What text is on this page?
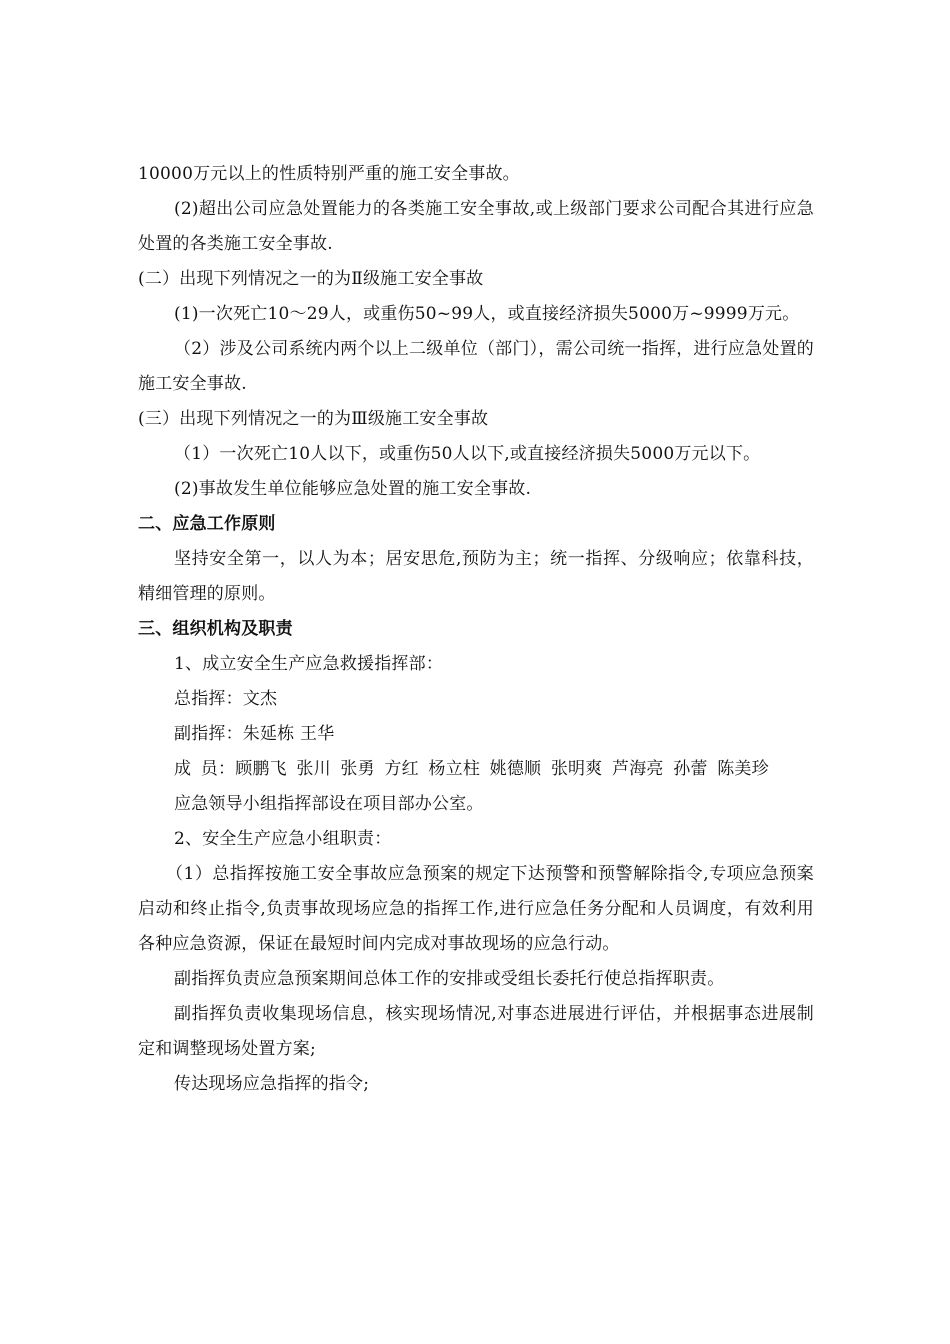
10000万元以上的性质特别严重的施工安全事故。

(2)超出公司应急处置能力的各类施工安全事故,或上级部门要求公司配合其进行应急处置的各类施工安全事故.

(二）出现下列情况之一的为Ⅱ级施工安全事故

(1)一次死亡10～29人，或重伤50~99人，或直接经济损失5000万~9999万元。

（2）涉及公司系统内两个以上二级单位（部门），需公司统一指挥，进行应急处置的施工安全事故.

(三）出现下列情况之一的为Ⅲ级施工安全事故

（1）一次死亡10人以下，或重伤50人以下,或直接经济损失5000万元以下。

(2)事故发生单位能够应急处置的施工安全事故.

二、应急工作原则

坚持安全第一，以人为本；居安思危,预防为主；统一指挥、分级响应；依靠科技，精细管理的原则。

三、组织机构及职责

1、成立安全生产应急救援指挥部：

总指挥：文杰

副指挥：朱延栋 王华

成 员：顾鹏飞 张川 张勇 方红 杨立柱 姚德顺 张明爽 芦海亮 孙蕾 陈美珍

应急领导小组指挥部设在项目部办公室。

2、安全生产应急小组职责：

（1）总指挥按施工安全事故应急预案的规定下达预警和预警解除指令,专项应急预案启动和终止指令,负责事故现场应急的指挥工作,进行应急任务分配和人员调度，有效利用各种应急资源，保证在最短时间内完成对事故现场的应急行动。

副指挥负责应急预案期间总体工作的安排或受组长委托行使总指挥职责。

副指挥负责收集现场信息，核实现场情况,对事态进展进行评估，并根据事态进展制定和调整现场处置方案;

传达现场应急指挥的指令;
